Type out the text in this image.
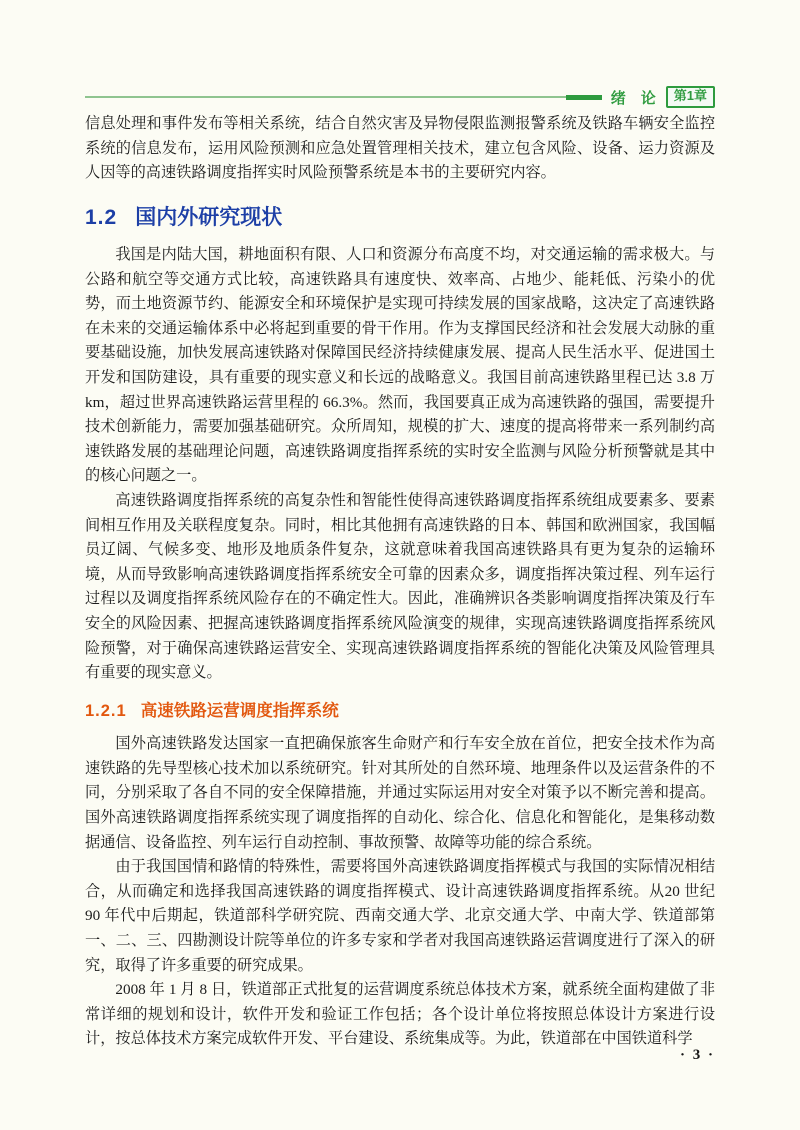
绪　论	第1章

信息处理和事件发布等相关系统，结合自然灾害及异物侵限监测报警系统及铁路车辆安全监控系统的信息发布，运用风险预测和应急处置管理相关技术，建立包含风险、设备、运力资源及人因等的高速铁路调度指挥实时风险预警系统是本书的主要研究内容。

1.2 国内外研究现状

我国是内陆大国，耕地面积有限、人口和资源分布高度不均，对交通运输的需求极大。与公路和航空等交通方式比较，高速铁路具有速度快、效率高、占地少、能耗低、污染小的优势，而土地资源节约、能源安全和环境保护是实现可持续发展的国家战略，这决定了高速铁路在未来的交通运输体系中必将起到重要的骨干作用。作为支撑国民经济和社会发展大动脉的重要基础设施，加快发展高速铁路对保障国民经济持续健康发展、提高人民生活水平、促进国土开发和国防建设，具有重要的现实意义和长远的战略意义。我国目前高速铁路里程已达 3.8 万 km，超过世界高速铁路运营里程的 66.3%。然而，我国要真正成为高速铁路的强国，需要提升技术创新能力，需要加强基础研究。众所周知，规模的扩大、速度的提高将带来一系列制约高速铁路发展的基础理论问题，高速铁路调度指挥系统的实时安全监测与风险分析预警就是其中的核心问题之一。

高速铁路调度指挥系统的高复杂性和智能性使得高速铁路调度指挥系统组成要素多、要素间相互作用及关联程度复杂。同时，相比其他拥有高速铁路的日本、韩国和欧洲国家，我国幅员辽阔、气候多变、地形及地质条件复杂，这就意味着我国高速铁路具有更为复杂的运输环境，从而导致影响高速铁路调度指挥系统安全可靠的因素众多，调度指挥决策过程、列车运行过程以及调度指挥系统风险存在的不确定性大。因此，准确辨识各类影响调度指挥决策及行车安全的风险因素、把握高速铁路调度指挥系统风险演变的规律，实现高速铁路调度指挥系统风险预警，对于确保高速铁路运营安全、实现高速铁路调度指挥系统的智能化决策及风险管理具有重要的现实意义。

1.2.1 高速铁路运营调度指挥系统

国外高速铁路发达国家一直把确保旅客生命财产和行车安全放在首位，把安全技术作为高速铁路的先导型核心技术加以系统研究。针对其所处的自然环境、地理条件以及运营条件的不同，分别采取了各自不同的安全保障措施，并通过实际运用对安全对策予以不断完善和提高。国外高速铁路调度指挥系统实现了调度指挥的自动化、综合化、信息化和智能化，是集移动数据通信、设备监控、列车运行自动控制、事故预警、故障等功能的综合系统。

由于我国国情和路情的特殊性，需要将国外高速铁路调度指挥模式与我国的实际情况相结合，从而确定和选择我国高速铁路的调度指挥模式、设计高速铁路调度指挥系统。从20 世纪 90 年代中后期起，铁道部科学研究院、西南交通大学、北京交通大学、中南大学、铁道部第一、二、三、四勘测设计院等单位的许多专家和学者对我国高速铁路运营调度进行了深入的研究，取得了许多重要的研究成果。

2008 年 1 月 8 日，铁道部正式批复的运营调度系统总体技术方案，就系统全面构建做了非常详细的规划和设计，软件开发和验证工作包括；各个设计单位将按照总体设计方案进行设计，按总体技术方案完成软件开发、平台建设、系统集成等。为此，铁道部在中国铁道科学

· 3 ·
